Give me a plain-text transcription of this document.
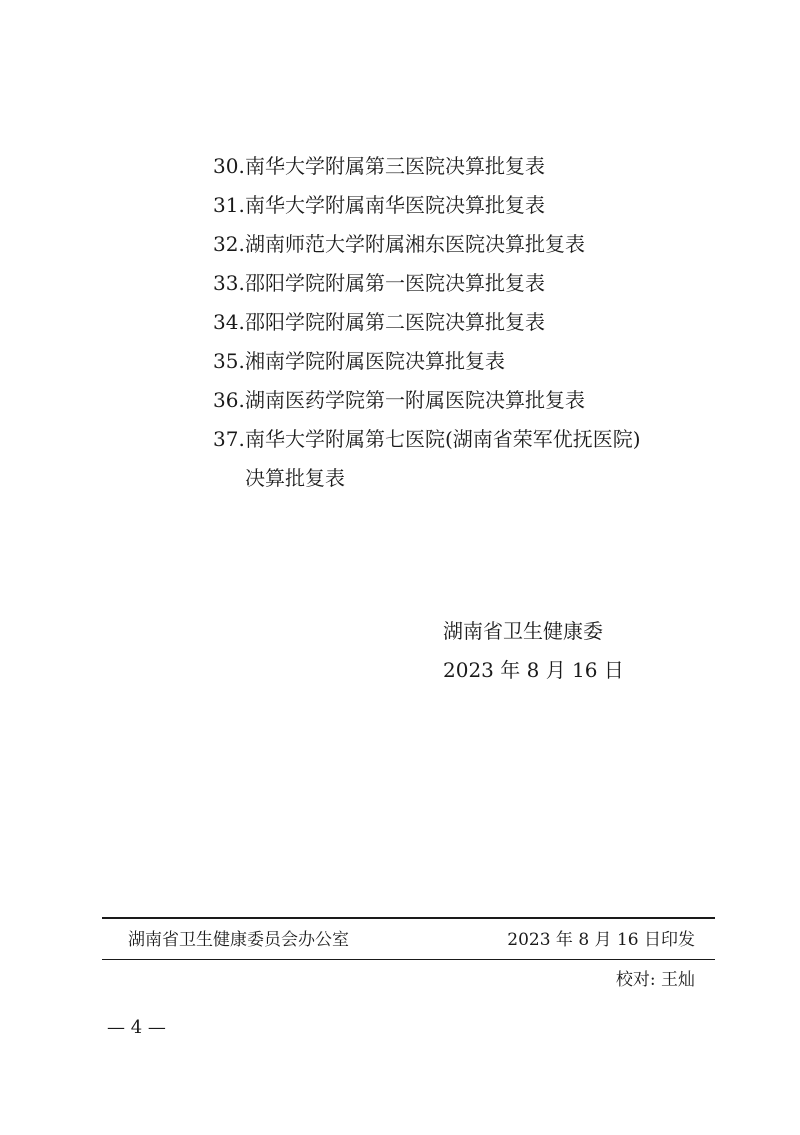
30.南华大学附属第三医院决算批复表
31.南华大学附属南华医院决算批复表
32.湖南师范大学附属湘东医院决算批复表
33.邵阳学院附属第一医院决算批复表
34.邵阳学院附属第二医院决算批复表
35.湘南学院附属医院决算批复表
36.湖南医药学院第一附属医院决算批复表
37.南华大学附属第七医院(湖南省荣军优抚医院)
决算批复表
湖南省卫生健康委
2023 年 8 月 16 日
湖南省卫生健康委员会办公室	2023 年 8 月 16 日印发
校对: 王灿
— 4 —
